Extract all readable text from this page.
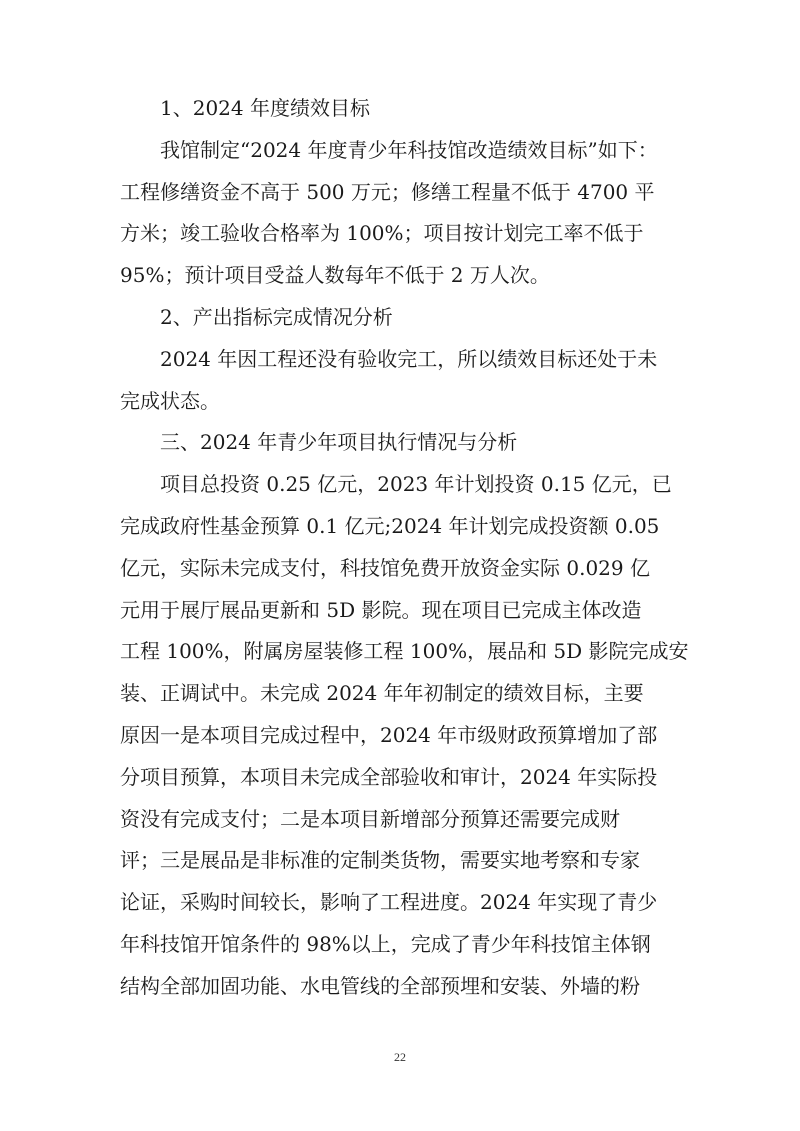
　　1、2024 年度绩效目标
　　我馆制定“2024 年度青少年科技馆改造绩效目标”如下：
工程修缮资金不高于 500 万元；修缮工程量不低于 4700 平
方米；竣工验收合格率为 100%；项目按计划完工率不低于
95%；预计项目受益人数每年不低于 2 万人次。
　　2、产出指标完成情况分析
　　2024 年因工程还没有验收完工，所以绩效目标还处于未
完成状态。
　　三、2024 年青少年项目执行情况与分析
　　项目总投资 0.25 亿元，2023 年计划投资 0.15 亿元，已
完成政府性基金预算 0.1 亿元;2024 年计划完成投资额 0.05
亿元，实际未完成支付，科技馆免费开放资金实际 0.029 亿
元用于展厅展品更新和 5D 影院。现在项目已完成主体改造
工程 100%，附属房屋装修工程 100%，展品和 5D 影院完成安
装、正调试中。未完成 2024 年年初制定的绩效目标，主要
原因一是本项目完成过程中，2024 年市级财政预算增加了部
分项目预算，本项目未完成全部验收和审计，2024 年实际投
资没有完成支付；二是本项目新增部分预算还需要完成财
评；三是展品是非标准的定制类货物，需要实地考察和专家
论证，采购时间较长，影响了工程进度。2024 年实现了青少
年科技馆开馆条件的 98%以上，完成了青少年科技馆主体钢
结构全部加固功能、水电管线的全部预埋和安装、外墙的粉
22
